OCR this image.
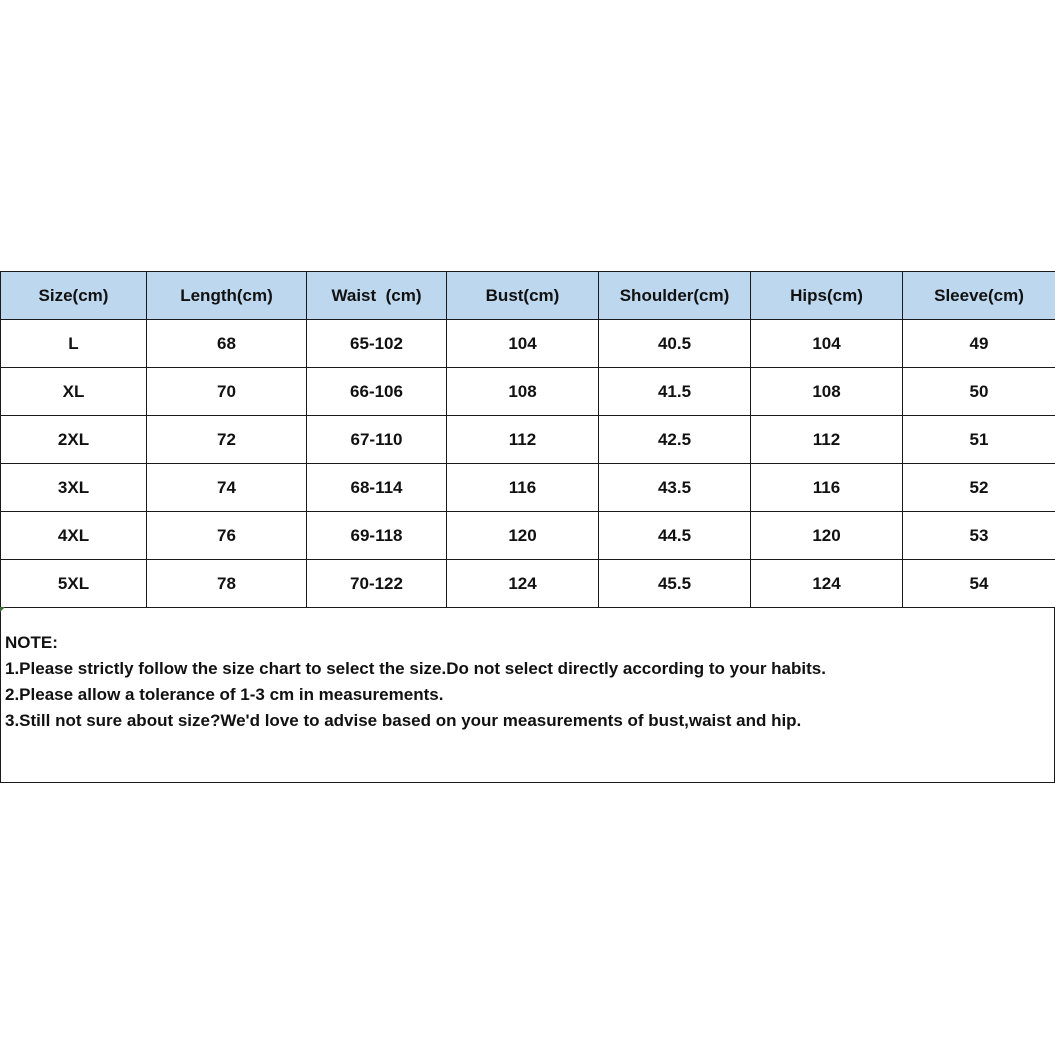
Size(cm)	Length(cm)	Waist  (cm)	Bust(cm)	Shoulder(cm)	Hips(cm)	Sleeve(cm)
L	68	65-102	104	40.5	104	49
XL	70	66-106	108	41.5	108	50
2XL	72	67-110	112	42.5	112	51
3XL	74	68-114	116	43.5	116	52
4XL	76	69-118	120	44.5	120	53
5XL	78	70-122	124	45.5	124	54
NOTE:
1.Please strictly follow the size chart to select the size.Do not select directly according to your habits.
2.Please allow a tolerance of 1-3 cm in measurements.
3.Still not sure about size?We'd love to advise based on your measurements of bust,waist and hip.
